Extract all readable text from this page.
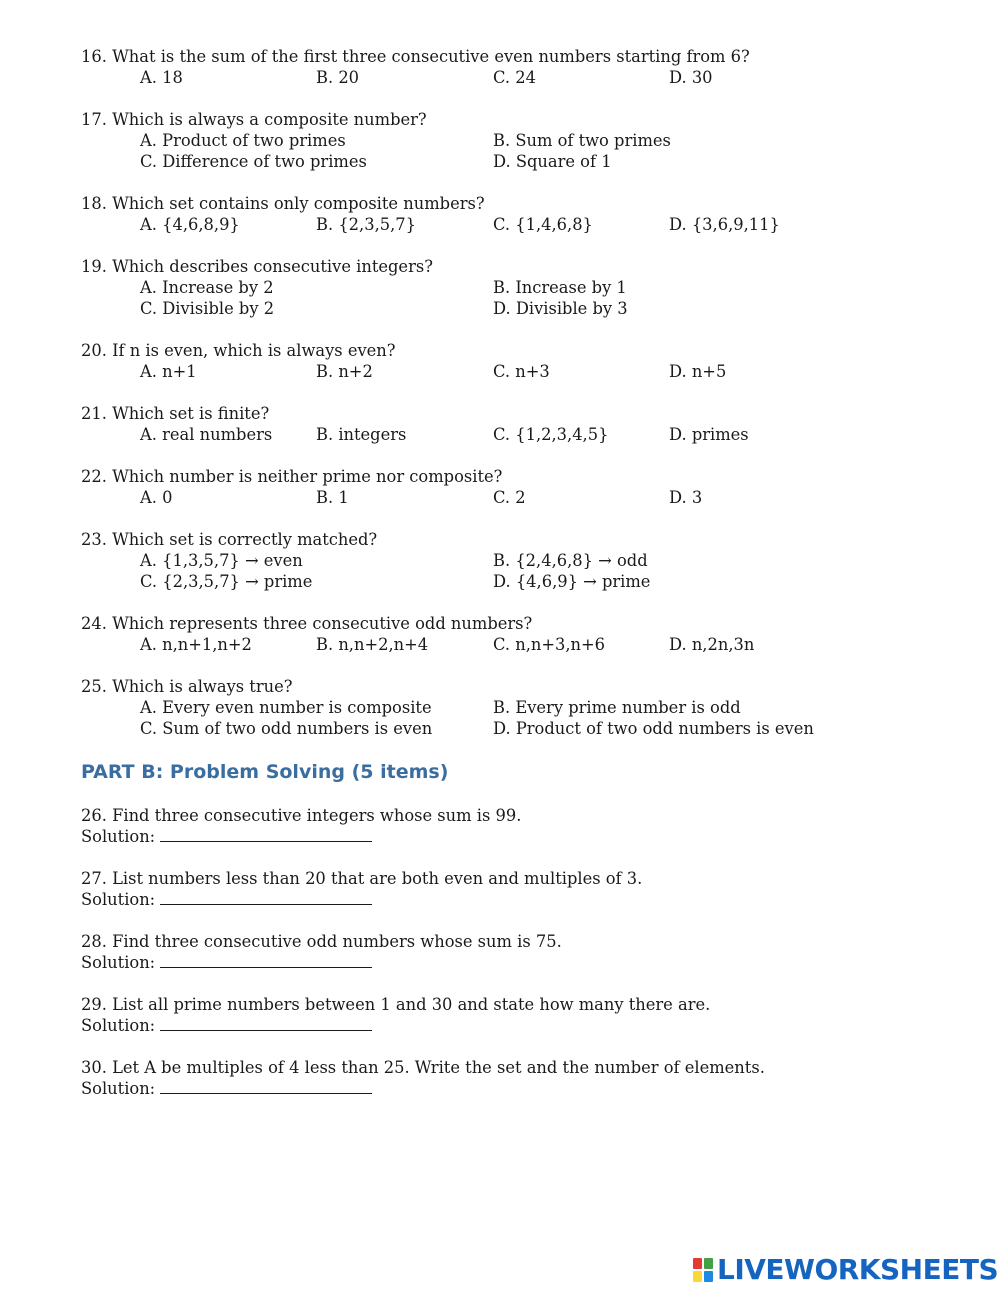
16. What is the sum of the first three consecutive even numbers starting from 6?
A. 18	B. 20	C. 24	D. 30
17. Which is always a composite number?
A. Product of two primes	B. Sum of two primes
C. Difference of two primes	D. Square of 1
18. Which set contains only composite numbers?
A. {4,6,8,9}	B. {2,3,5,7}	C. {1,4,6,8}	D. {3,6,9,11}
19. Which describes consecutive integers?
A. Increase by 2	B. Increase by 1
C. Divisible by 2	D. Divisible by 3
20. If n is even, which is always even?
A. n+1	B. n+2	C. n+3	D. n+5
21. Which set is finite?
A. real numbers	B. integers	C. {1,2,3,4,5}	D. primes
22. Which number is neither prime nor composite?
A. 0	B. 1	C. 2	D. 3
23. Which set is correctly matched?
A. {1,3,5,7} → even	B. {2,4,6,8} → odd
C. {2,3,5,7} → prime	D. {4,6,9} → prime
24. Which represents three consecutive odd numbers?
A. n,n+1,n+2	B. n,n+2,n+4	C. n,n+3,n+6	D. n,2n,3n
25. Which is always true?
A. Every even number is composite	B. Every prime number is odd
C. Sum of two odd numbers is even	D. Product of two odd numbers is even
PART B: Problem Solving (5 items)
26. Find three consecutive integers whose sum is 99.
Solution:
27. List numbers less than 20 that are both even and multiples of 3.
Solution:
28. Find three consecutive odd numbers whose sum is 75.
Solution:
29. List all prime numbers between 1 and 30 and state how many there are.
Solution:
30. Let A be multiples of 4 less than 25. Write the set and the number of elements.
Solution:
LIVEWORKSHEETS
